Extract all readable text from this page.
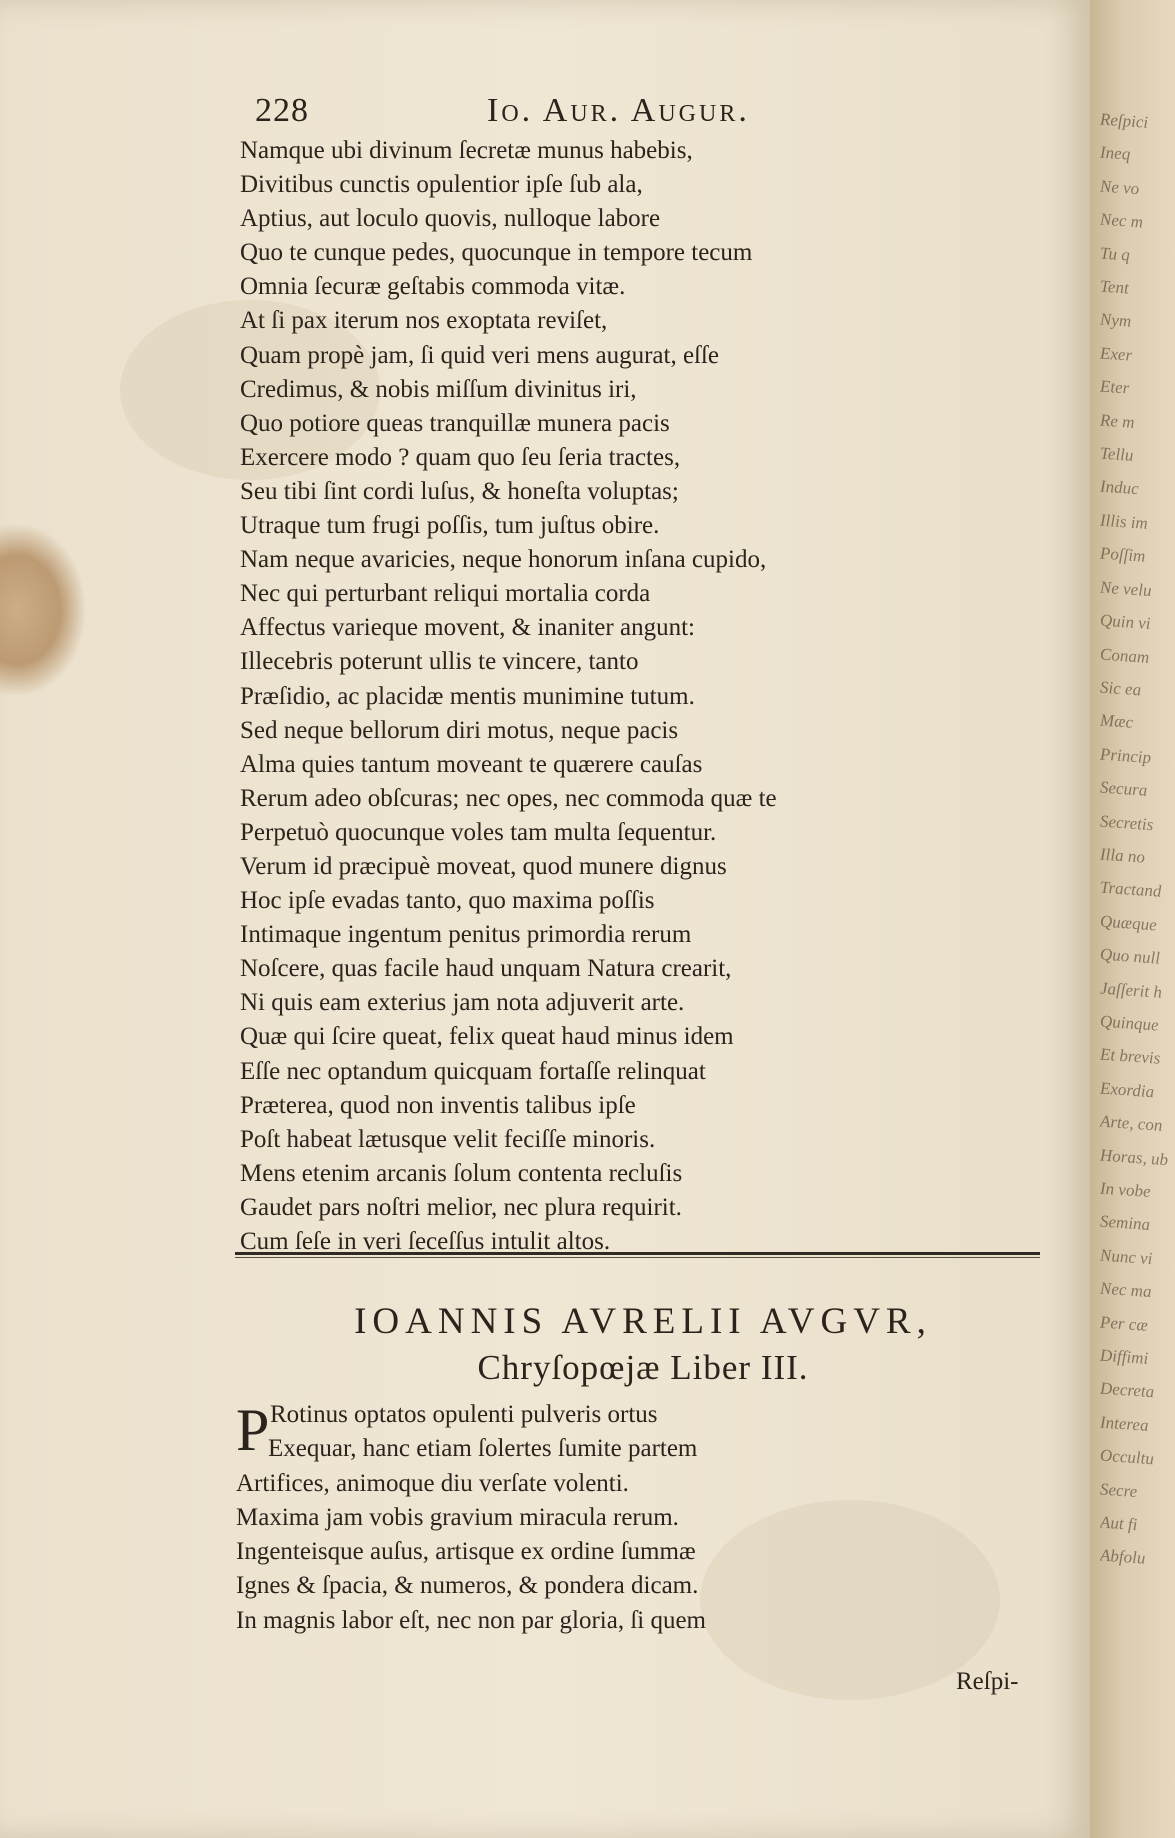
228	Io. Aur. Augur.
Namque ubi divinum ſecretæ munus habebis,
Divitibus cunctis opulentior ipſe ſub ala,
Aptius, aut loculo quovis, nulloque labore
Quo te cunque pedes, quocunque in tempore tecum
Omnia ſecuræ geſtabis commoda vitæ.
At ſi pax iterum nos exoptata reviſet,
Quam propè jam, ſi quid veri mens augurat, eſſe
Credimus, & nobis miſſum divinitus iri,
Quo potiore queas tranquillæ munera pacis
Exercere modo ? quam quo ſeu ſeria tractes,
Seu tibi ſint cordi luſus, & honeſta voluptas;
Utraque tum frugi poſſis, tum juſtus obire.
Nam neque avaricies, neque honorum inſana cupido,
Nec qui perturbant reliqui mortalia corda
Affectus varieque movent, & inaniter angunt:
Illecebris poterunt ullis te vincere, tanto
Præſidio, ac placidæ mentis munimine tutum.
Sed neque bellorum diri motus, neque pacis
Alma quies tantum moveant te quærere cauſas
Rerum adeo obſcuras; nec opes, nec commoda quæ te
Perpetuò quocunque voles tam multa ſequentur.
Verum id præcipuè moveat, quod munere dignus
Hoc ipſe evadas tanto, quo maxima poſſis
Intimaque ingentum penitus primordia rerum
Noſcere, quas facile haud unquam Natura crearit,
Ni quis eam exterius jam nota adjuverit arte.
Quæ qui ſcire queat, felix queat haud minus idem
Eſſe nec optandum quicquam fortaſſe relinquat
Præterea, quod non inventis talibus ipſe
Poſt habeat lætusque velit feciſſe minoris.
Mens etenim arcanis ſolum contenta recluſis
Gaudet pars noſtri melior, nec plura requirit.
Cum ſeſe in veri ſeceſſus intulit altos.
IOANNIS AVRELII AVGVR,
Chryſopœjæ Liber III.
P Rotinus optatos opulenti pulveris ortus
Exequar, hanc etiam ſolertes ſumite partem
Artifices, animoque diu verſate volenti.
Maxima jam vobis gravium miracula rerum.
Ingenteisque auſus, artisque ex ordine ſummæ
Ignes & ſpacia, & numeros, & pondera dicam.
In magnis labor eſt, nec non par gloria, ſi quem
Reſpi-
Reſpici
Ineq
Ne vo
Nec m
Tu q
Tent
Nym
Exer
Eter
Re m
Tellu
Induc
Illis im
Poſſim
Ne velu
Quin vi
Conam
Sic ea
Mæc
Princip
Secura
Secretis
Illa no
Tractand
Quæque
Quo null
Jaſſerit h
Quinque
Et brevis
Exordia
Arte, con
Horas, ub
In vobe
Semina
Nunc vi
Nec ma
Per cæ
Diffimi
Decreta
Interea
Occultu
Secre
Aut fi
Abfolu
